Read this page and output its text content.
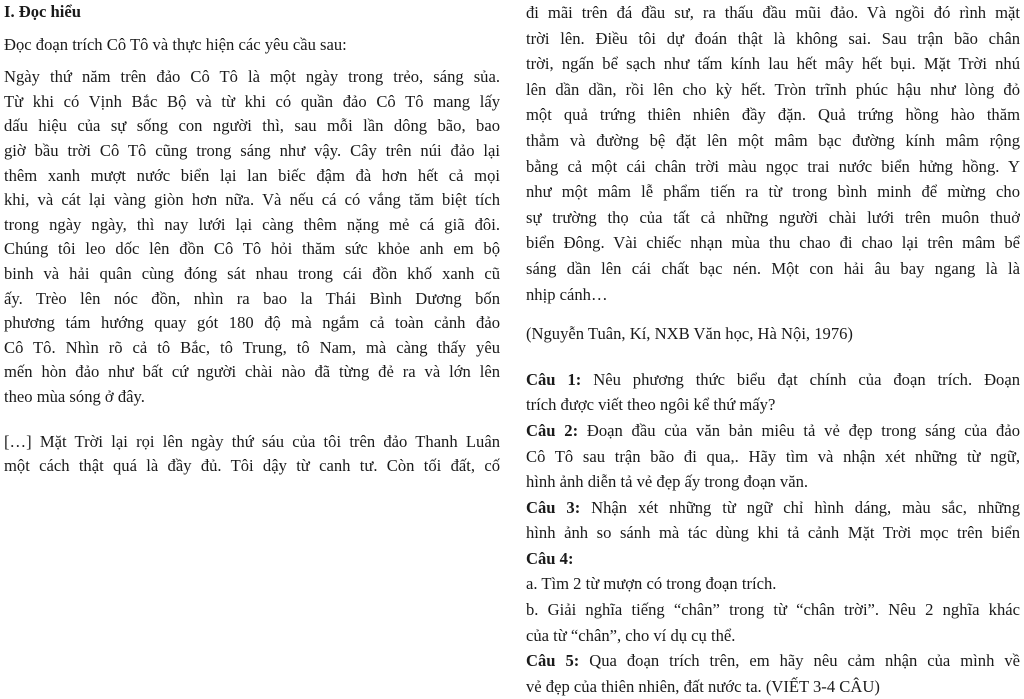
I. Đọc hiểu
Đọc đoạn trích Cô Tô và thực hiện các yêu cầu sau:
Ngày thứ năm trên đảo Cô Tô là một ngày trong trẻo, sáng sủa.
Từ khi có Vịnh Bắc Bộ và từ khi có quần đảo Cô Tô mang lấy
dấu hiệu của sự sống con người thì, sau mỗi lần dông bão, bao
giờ bầu trời Cô Tô cũng trong sáng như vậy. Cây trên núi đảo lại
thêm xanh mượt nước biển lại lan biếc đậm đà hơn hết cả mọi
khi, và cát lại vàng giòn hơn nữa. Và nếu cá có vắng tăm biệt tích
trong ngày ngày, thì nay lưới lại càng thêm nặng mẻ cá giã đôi.
Chúng tôi leo dốc lên đồn Cô Tô hỏi thăm sức khỏe anh em bộ
binh và hải quân cùng đóng sát nhau trong cái đồn khố xanh cũ
ấy. Trèo lên nóc đồn, nhìn ra bao la Thái Bình Dương bốn
phương tám hướng quay gót 180 độ mà ngắm cả toàn cảnh đảo
Cô Tô. Nhìn rõ cả tô Bắc, tô Trung, tô Nam, mà càng thấy yêu
mến hòn đảo như bất cứ người chài nào đã từng đẻ ra và lớn lên
theo mùa sóng ở đây.
[…] Mặt Trời lại rọi lên ngày thứ sáu của tôi trên đảo Thanh Luân
một cách thật quá là đầy đủ. Tôi dậy từ canh tư. Còn tối đất, cố
đi mãi trên đá đầu sư, ra thấu đầu mũi đảo. Và ngồi đó rình mặt
trời lên. Điều tôi dự đoán thật là không sai. Sau trận bão chân
trời, ngấn bể sạch như tấm kính lau hết mây hết bụi. Mặt Trời nhú
lên dần dần, rồi lên cho kỳ hết. Tròn trĩnh phúc hậu như lòng đỏ
một quả trứng thiên nhiên đầy đặn. Quả trứng hồng hào thăm
thẳm và đường bệ đặt lên một mâm bạc đường kính mâm rộng
bằng cả một cái chân trời màu ngọc trai nước biển hửng hồng. Y
như một mâm lễ phẩm tiến ra từ trong bình minh để mừng cho
sự trường thọ của tất cả những người chài lưới trên muôn thuở
biển Đông. Vài chiếc nhạn mùa thu chao đi chao lại trên mâm bể
sáng dần lên cái chất bạc nén. Một con hải âu bay ngang là là
nhịp cánh…
(Nguyễn Tuân, Kí, NXB Văn học, Hà Nội, 1976)
Câu 1: Nêu phương thức biểu đạt chính của đoạn trích. Đoạn
trích được viết theo ngôi kể thứ mấy?
Câu 2: Đoạn đầu của văn bản miêu tả vẻ đẹp trong sáng của đảo
Cô Tô sau trận bão đi qua,. Hãy tìm và nhận xét những từ ngữ,
hình ảnh diễn tả vẻ đẹp ấy trong đoạn văn.
Câu 3: Nhận xét những từ ngữ chỉ hình dáng, màu sắc, những
hình ảnh so sánh mà tác dùng khi tả cảnh Mặt Trời mọc trên biển
Câu 4:
a. Tìm 2 từ mượn có trong đoạn trích.
b. Giải nghĩa tiếng “chân” trong từ “chân trời”. Nêu 2 nghĩa khác
của từ “chân”, cho ví dụ cụ thể.
Câu 5: Qua đoạn trích trên, em hãy nêu cảm nhận của mình về
vẻ đẹp của thiên nhiên, đất nước ta. (VIẾT 3-4 CÂU)
